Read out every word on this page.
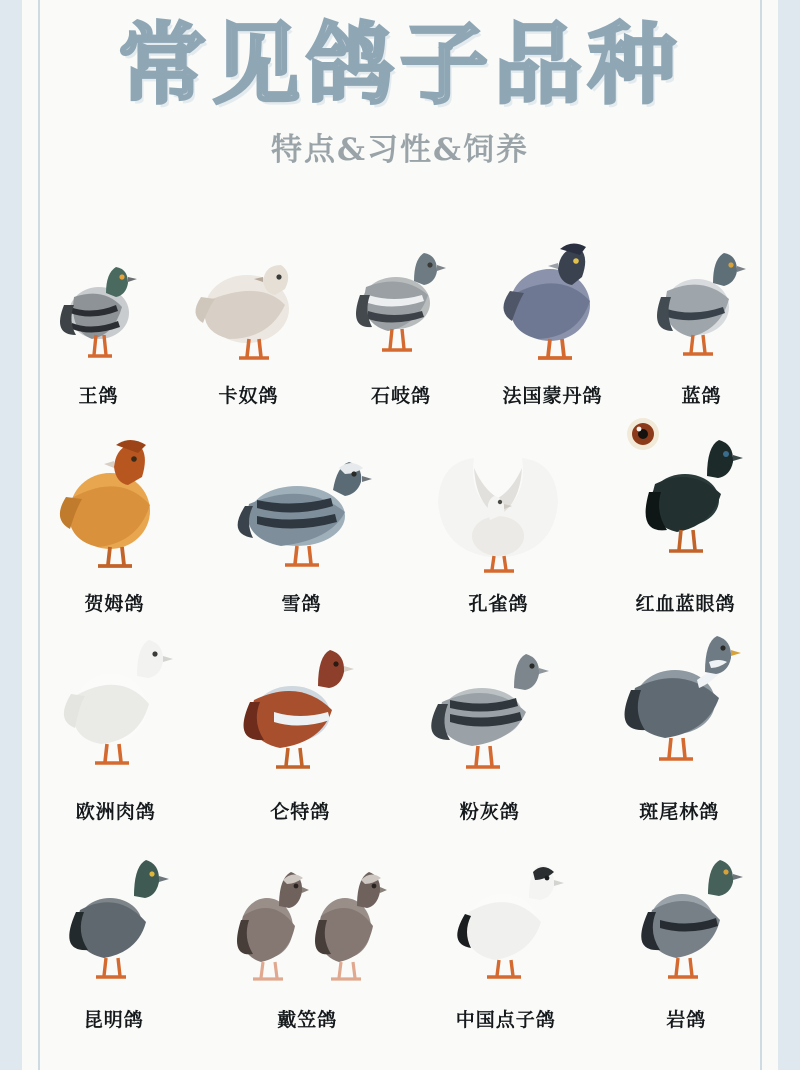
常见鸽子品种
特点&习性&饲养
王鸽	卡奴鸽	石岐鸽	法国蒙丹鸽	蓝鸽
贺姆鸽	雪鸽	孔雀鸽	红血蓝眼鸽
欧洲肉鸽	仑特鸽	粉灰鸽	斑尾林鸽
昆明鸽	戴笠鸽	中国点子鸽	岩鸽
